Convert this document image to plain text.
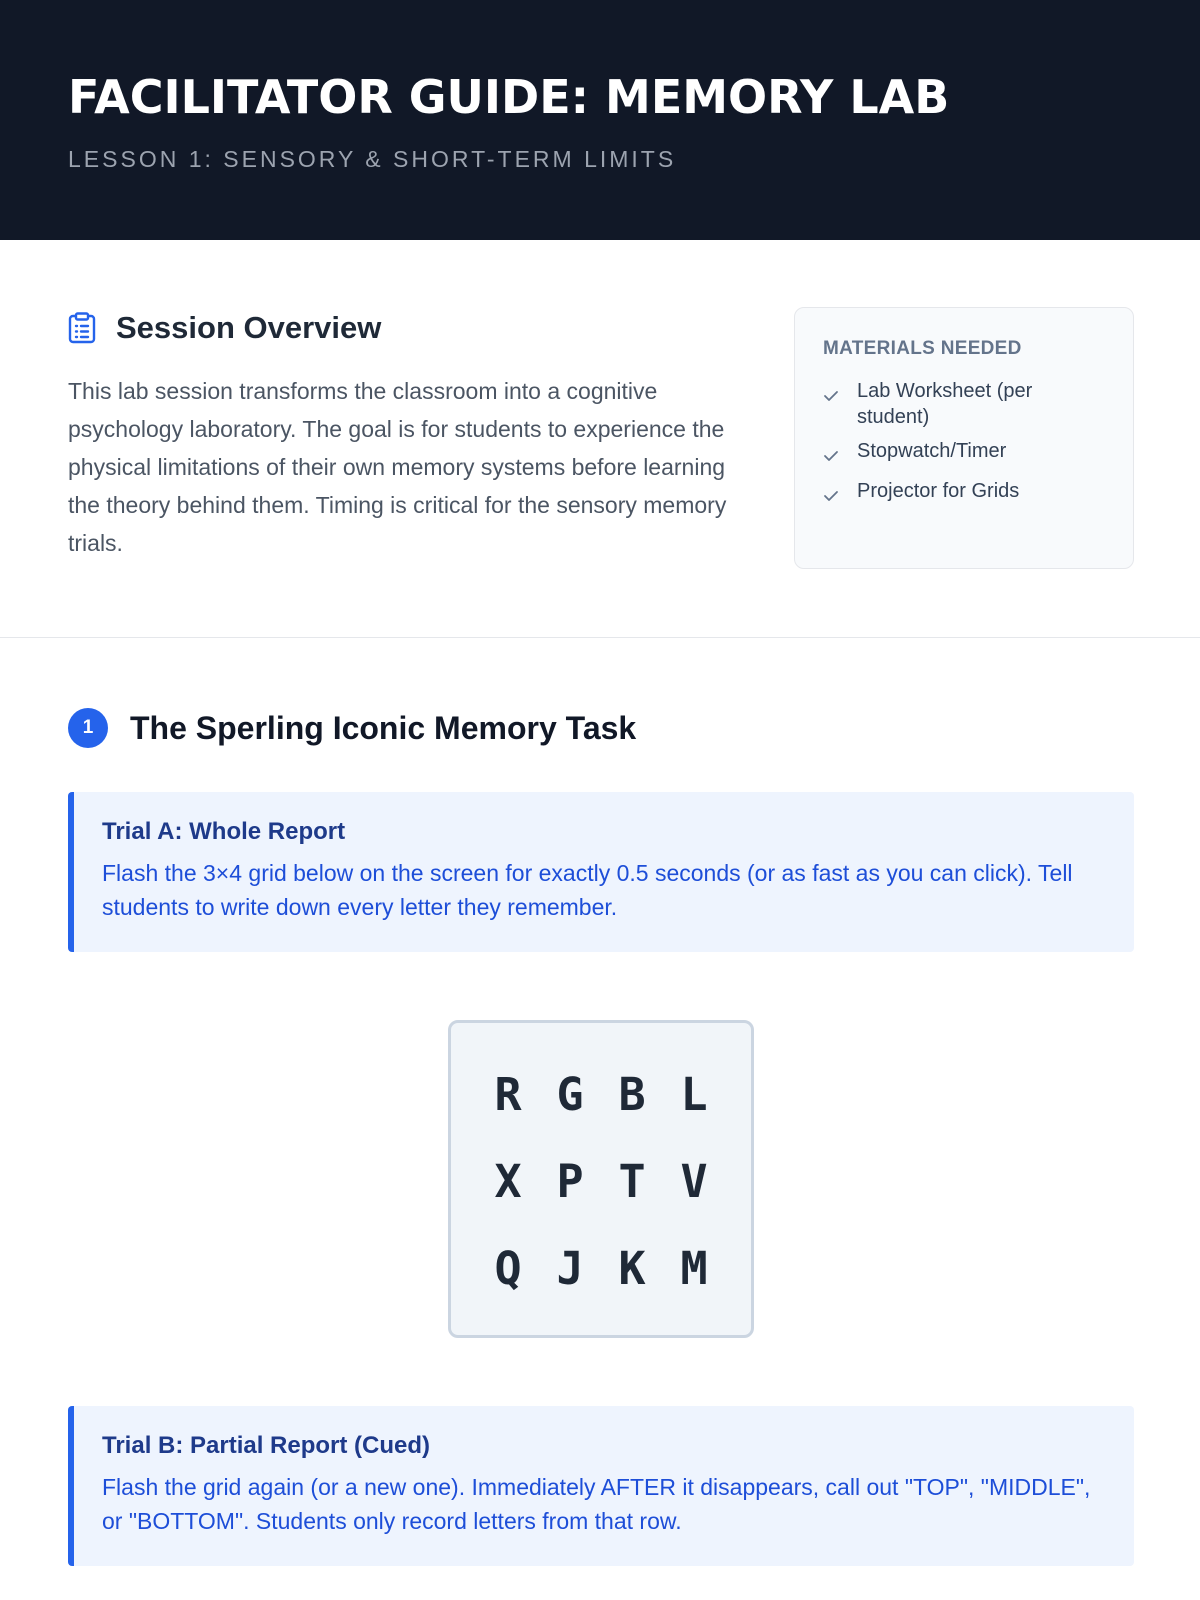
FACILITATOR GUIDE: MEMORY LAB
LESSON 1: SENSORY & SHORT-TERM LIMITS
Session Overview

This lab session transforms the classroom into a cognitive psychology laboratory. The goal is for students to experience the physical limitations of their own memory systems before learning the theory behind them. Timing is critical for the sensory memory trials.

MATERIALS NEEDED
Lab Worksheet (per student)
Stopwatch/Timer
Projector for Grids
1	The Sperling Iconic Memory Task
Trial A: Whole Report

Flash the 3×4 grid below on the screen for exactly 0.5 seconds (or as fast as you can click). Tell students to write down every letter they remember.

R G B L
X P T V
Q J K M
Trial B: Partial Report (Cued)

Flash the grid again (or a new one). Immediately AFTER it disappears, call out "TOP", "MIDDLE", or "BOTTOM". Students only record letters from that row.
